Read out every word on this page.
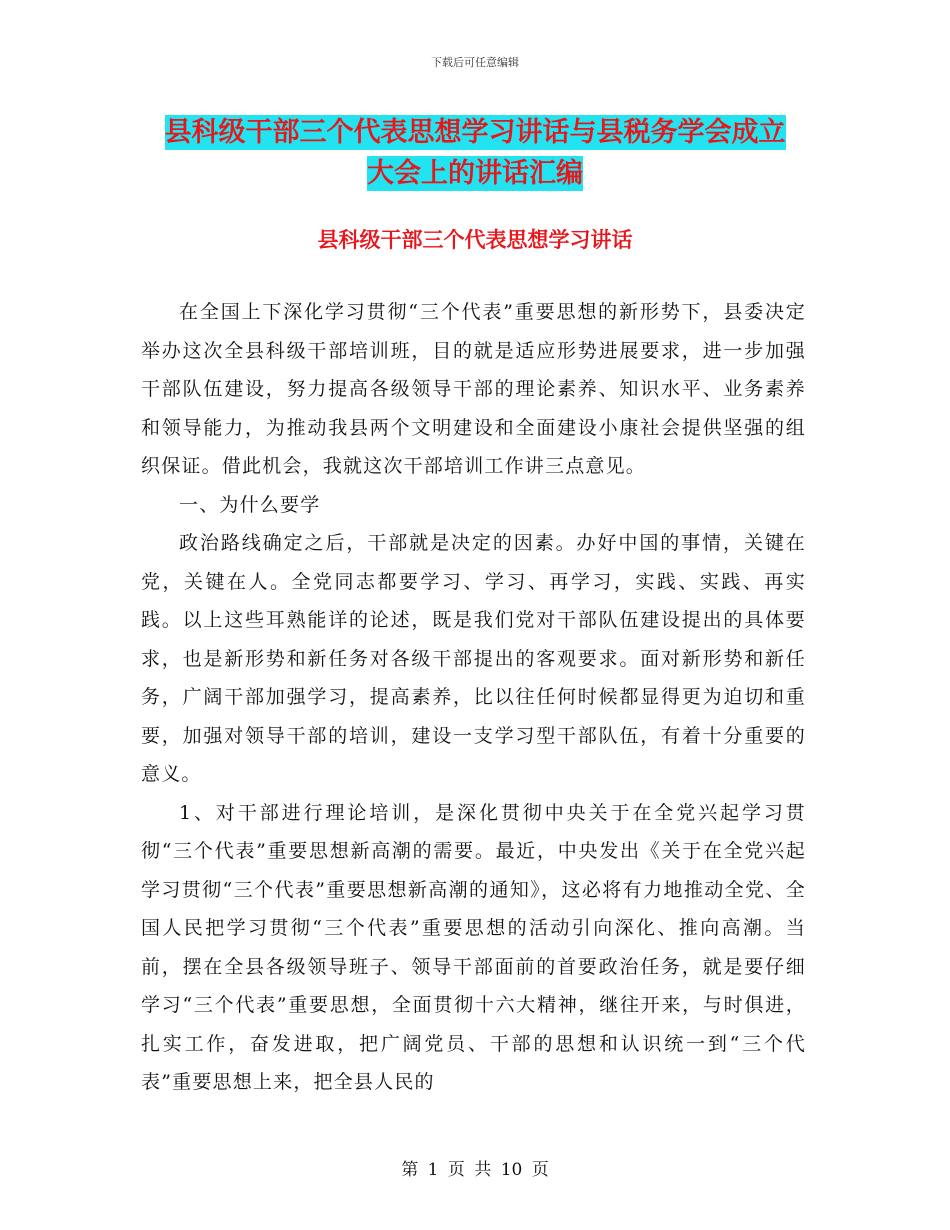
下载后可任意编辑
县科级干部三个代表思想学习讲话与县税务学会成立
大会上的讲话汇编
县科级干部三个代表思想学习讲话

在全国上下深化学习贯彻“三个代表”重要思想的新形势下，县委决定举办这次全县科级干部培训班，目的就是适应形势进展要求，进一步加强干部队伍建设，努力提高各级领导干部的理论素养、知识水平、业务素养和领导能力，为推动我县两个文明建设和全面建设小康社会提供坚强的组织保证。借此机会，我就这次干部培训工作讲三点意见。

一、为什么要学

政治路线确定之后，干部就是决定的因素。办好中国的事情，关键在党，关键在人。全党同志都要学习、学习、再学习，实践、实践、再实践。以上这些耳熟能详的论述，既是我们党对干部队伍建设提出的具体要求，也是新形势和新任务对各级干部提出的客观要求。面对新形势和新任务，广阔干部加强学习，提高素养，比以往任何时候都显得更为迫切和重要，加强对领导干部的培训，建设一支学习型干部队伍，有着十分重要的意义。

1、对干部进行理论培训，是深化贯彻中央关于在全党兴起学习贯彻“三个代表”重要思想新高潮的需要。最近，中央发出《关于在全党兴起学习贯彻“三个代表”重要思想新高潮的通知》，这必将有力地推动全党、全国人民把学习贯彻“三个代表”重要思想的活动引向深化、推向高潮。当前，摆在全县各级领导班子、领导干部面前的首要政治任务，就是要仔细学习“三个代表”重要思想，全面贯彻十六大精神，继往开来，与时俱进，扎实工作，奋发进取，把广阔党员、干部的思想和认识统一到“三个代表”重要思想上来，把全县人民的

第 1 页 共 10 页
